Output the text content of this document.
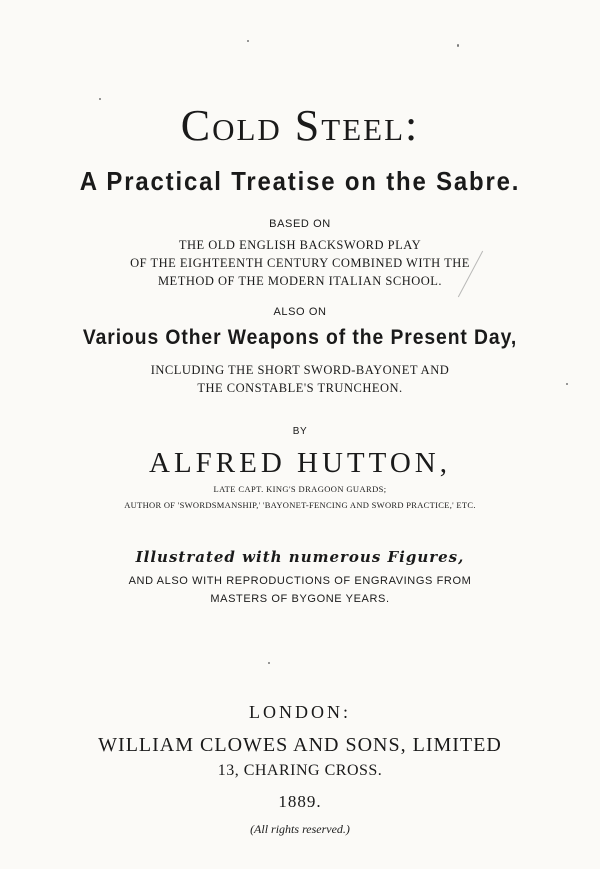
Cold Steel:
A Practical Treatise on the Sabre.
BASED ON
THE OLD ENGLISH BACKSWORD PLAY
OF THE EIGHTEENTH CENTURY COMBINED WITH THE
METHOD OF THE MODERN ITALIAN SCHOOL.
ALSO ON
Various Other Weapons of the Present Day,
INCLUDING THE SHORT SWORD-BAYONET AND
THE CONSTABLE'S TRUNCHEON.
BY
ALFRED HUTTON,
LATE CAPT. KING'S DRAGOON GUARDS;
AUTHOR OF 'SWORDSMANSHIP,' 'BAYONET-FENCING AND SWORD PRACTICE,' ETC.
Illustrated with numerous Figures,
AND ALSO WITH REPRODUCTIONS OF ENGRAVINGS FROM
MASTERS OF BYGONE YEARS.
LONDON:
WILLIAM CLOWES AND SONS, LIMITED
13, CHARING CROSS.
1889.
(All rights reserved.)
